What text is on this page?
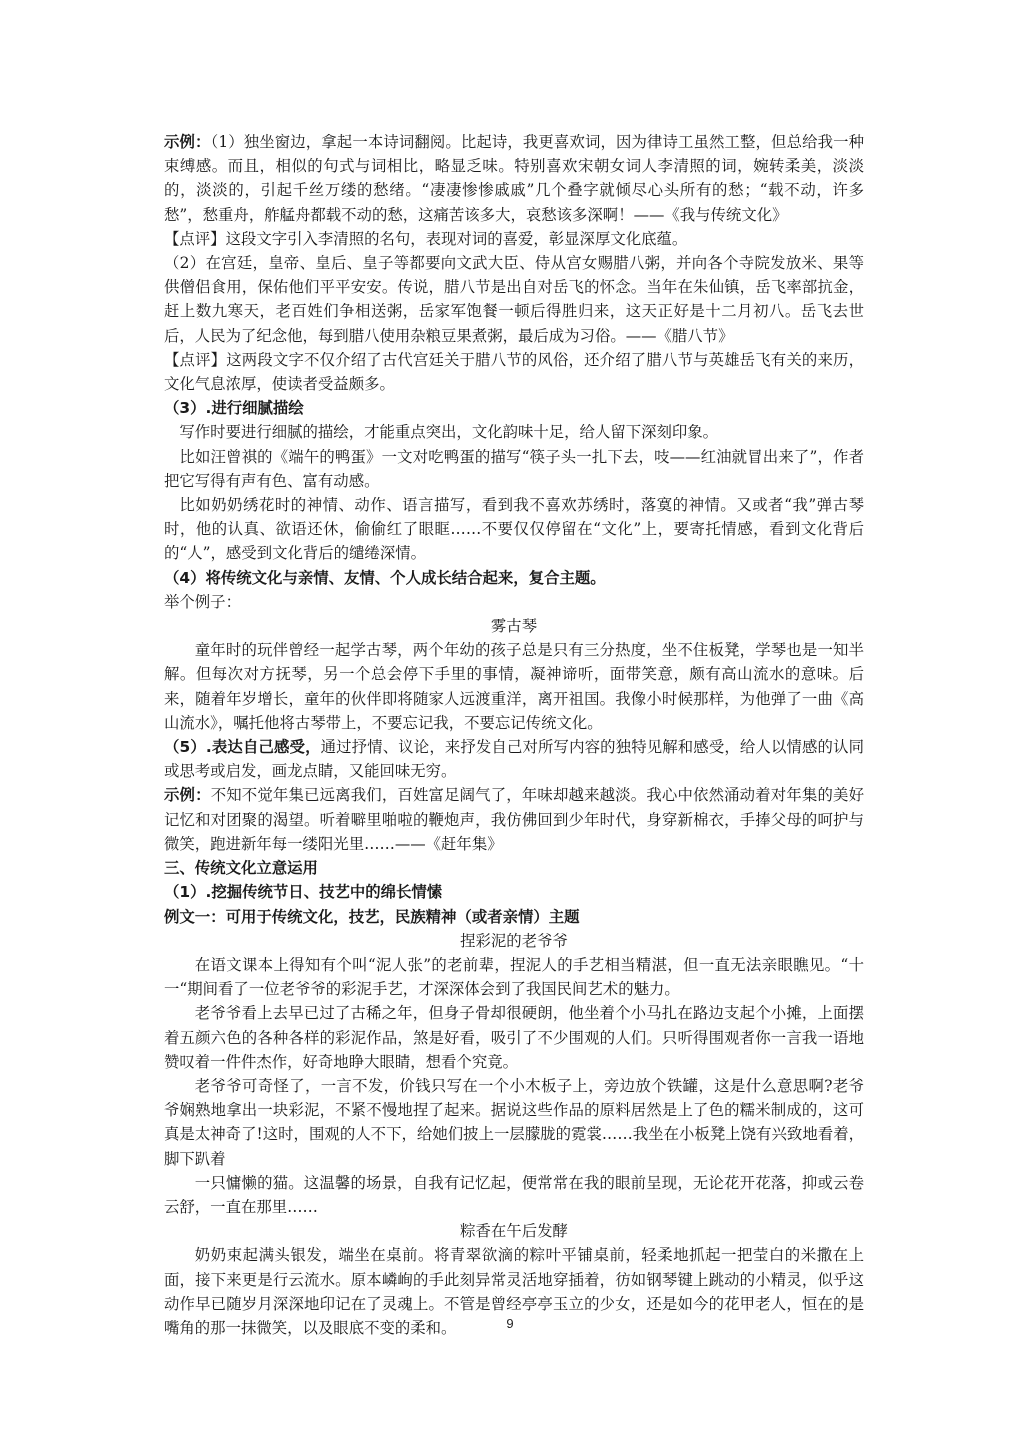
示例：（1）独坐窗边，拿起一本诗词翻阅。比起诗，我更喜欢词，因为律诗工虽然工整，但总给我一种束缚感。而且，相似的句式与词相比，略显乏味。特别喜欢宋朝女词人李清照的词，婉转柔美，淡淡的，淡淡的，引起千丝万缕的愁绪。“凄凄惨惨戚戚”几个叠字就倾尽心头所有的愁；“载不动，许多愁”，愁重舟，舴艋舟都载不动的愁，这痛苦该多大，哀愁该多深啊！——《我与传统文化》

【点评】这段文字引入李清照的名句，表现对词的喜爱，彰显深厚文化底蕴。

（2）在宫廷，皇帝、皇后、皇子等都要向文武大臣、侍从宫女赐腊八粥，并向各个寺院发放米、果等供僧侣食用，保佑他们平平安安。传说，腊八节是出自对岳飞的怀念。当年在朱仙镇，岳飞率部抗金，赶上数九寒天，老百姓们争相送粥，岳家军饱餐一顿后得胜归来，这天正好是十二月初八。岳飞去世后，人民为了纪念他，每到腊八使用杂粮豆果煮粥，最后成为习俗。——《腊八节》

【点评】这两段文字不仅介绍了古代宫廷关于腊八节的风俗，还介绍了腊八节与英雄岳飞有关的来历，文化气息浓厚，使读者受益颇多。

（3）.进行细腻描绘

写作时要进行细腻的描绘，才能重点突出，文化韵味十足，给人留下深刻印象。

比如汪曾祺的《端午的鸭蛋》一文对吃鸭蛋的描写“筷子头一扎下去，吱——红油就冒出来了”，作者把它写得有声有色、富有动感。

比如奶奶绣花时的神情、动作、语言描写，看到我不喜欢苏绣时，落寞的神情。又或者“我”弹古琴时，他的认真、欲语还休，偷偷红了眼眶……不要仅仅停留在“文化”上，要寄托情感，看到文化背后的“人”，感受到文化背后的缱绻深情。

（4）将传统文化与亲情、友情、个人成长结合起来，复合主题。

举个例子：

雾古琴

童年时的玩伴曾经一起学古琴，两个年幼的孩子总是只有三分热度，坐不住板凳，学琴也是一知半解。但每次对方抚琴，另一个总会停下手里的事情，凝神谛听，面带笑意，颇有高山流水的意味。后来，随着年岁增长，童年的伙伴即将随家人远渡重洋，离开祖国。我像小时候那样，为他弹了一曲《高山流水》，嘱托他将古琴带上，不要忘记我，不要忘记传统文化。

（5）.表达自己感受，通过抒情、议论，来抒发自己对所写内容的独特见解和感受，给人以情感的认同或思考或启发，画龙点睛，又能回味无穷。

示例：不知不觉年集已远离我们，百姓富足阔气了，年味却越来越淡。我心中依然涌动着对年集的美好记忆和对团聚的渴望。听着噼里啪啦的鞭炮声，我仿佛回到少年时代，身穿新棉衣，手捧父母的呵护与微笑，跑进新年每一缕阳光里……——《赶年集》

三、传统文化立意运用

（1）.挖掘传统节日、技艺中的绵长情愫

例文一：可用于传统文化，技艺，民族精神（或者亲情）主题

捏彩泥的老爷爷

在语文课本上得知有个叫“泥人张”的老前辈，捏泥人的手艺相当精湛，但一直无法亲眼瞧见。“十一“期间看了一位老爷爷的彩泥手艺，才深深体会到了我国民间艺术的魅力。

老爷爷看上去早已过了古稀之年，但身子骨却很硬朗，他坐着个小马扎在路边支起个小摊，上面摆着五颜六色的各种各样的彩泥作品，煞是好看，吸引了不少围观的人们。只听得围观者你一言我一语地赞叹着一件件杰作，好奇地睁大眼睛，想看个究竟。

老爷爷可奇怪了，一言不发，价钱只写在一个小木板子上，旁边放个铁罐，这是什么意思啊?老爷爷娴熟地拿出一块彩泥，不紧不慢地捏了起来。据说这些作品的原料居然是上了色的糯米制成的，这可真是太神奇了!这时，围观的人不下，给她们披上一层朦胧的霓裳……我坐在小板凳上饶有兴致地看着，脚下趴着

一只慵懒的猫。这温馨的场景，自我有记忆起，便常常在我的眼前呈现，无论花开花落，抑或云卷云舒，一直在那里……

粽香在午后发酵

奶奶束起满头银发，端坐在桌前。将青翠欲滴的粽叶平铺桌前，轻柔地抓起一把莹白的米撒在上面，接下来更是行云流水。原本嶙峋的手此刻异常灵活地穿插着，彷如钢琴键上跳动的小精灵，似乎这动作早已随岁月深深地印记在了灵魂上。不管是曾经亭亭玉立的少女，还是如今的花甲老人，恒在的是嘴角的那一抹微笑，以及眼底不变的柔和。	9
